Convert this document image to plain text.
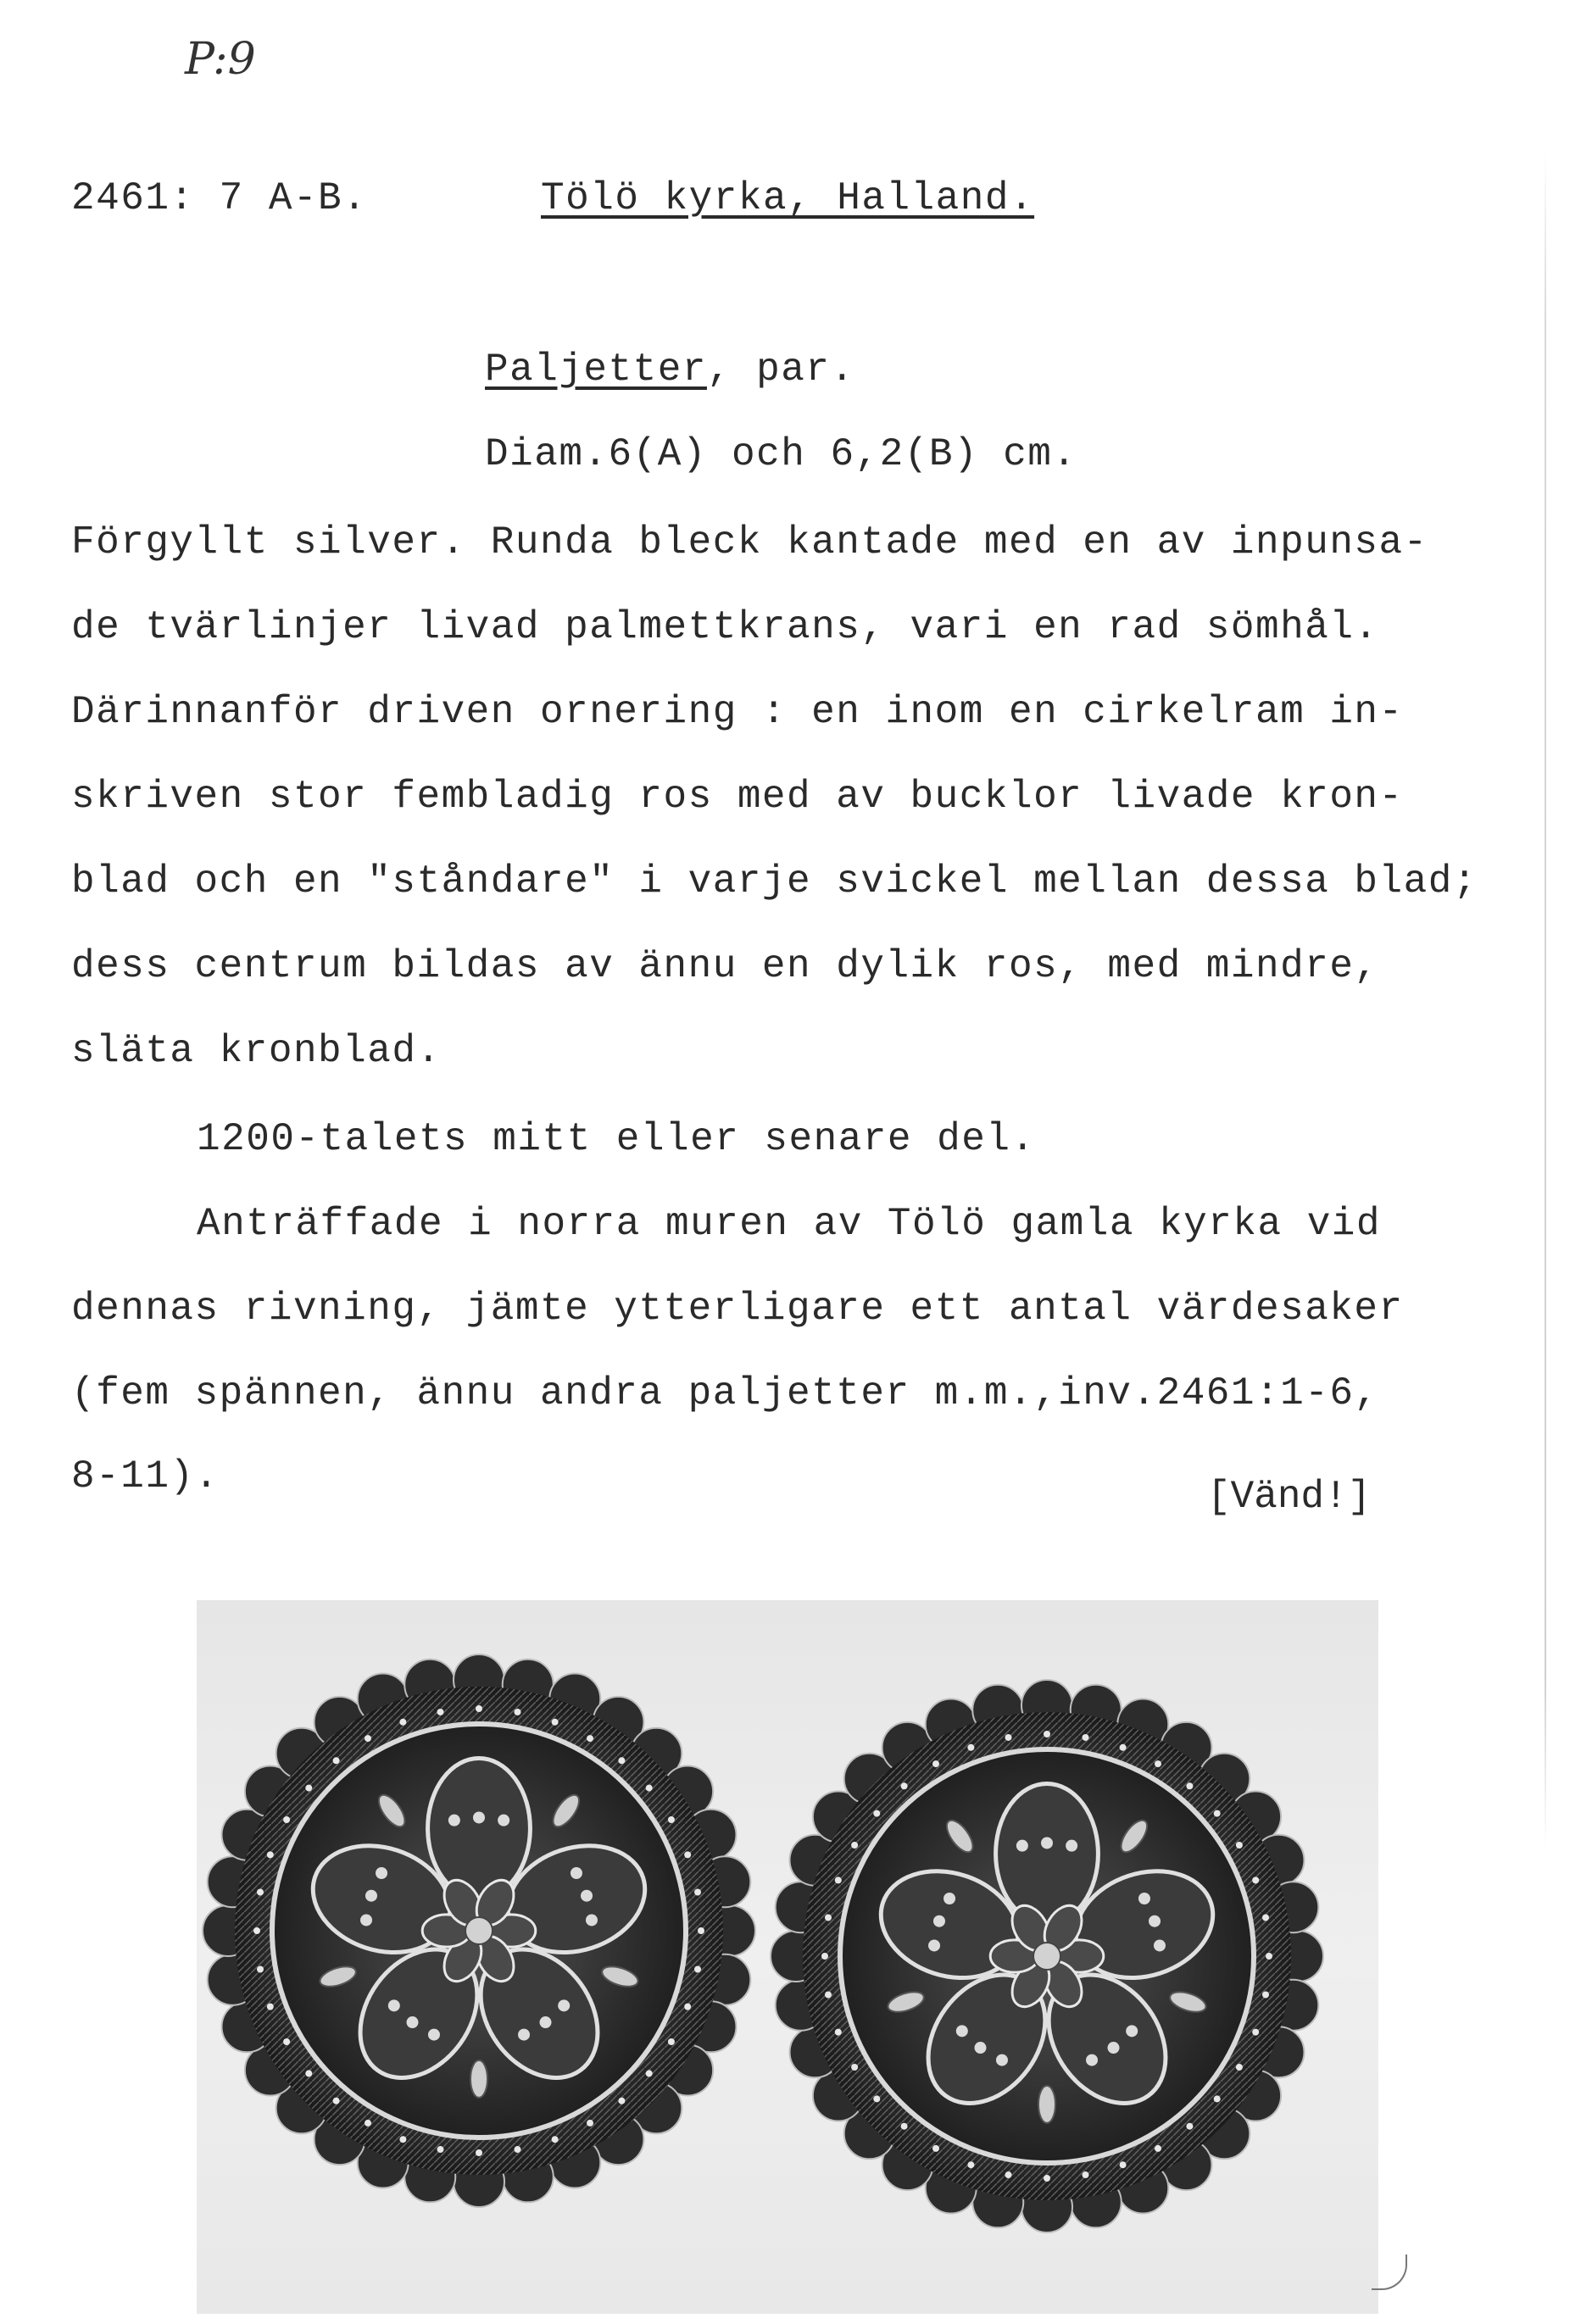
P:9
2461: 7 A-B.	Tölö kyrka, Halland.
Paljetter, par.
Diam.6(A) och 6,2(B) cm.
Förgyllt silver. Runda bleck kantade med en av inpunsa-
de tvärlinjer livad palmettkrans, vari en rad sömhål.
Därinnanför driven ornering : en inom en cirkelram in-
skriven stor fembladig ros med av bucklor livade kron-
blad och en "ståndare" i varje svickel mellan dessa blad;
dess centrum bildas av ännu en dylik ros, med mindre,
släta kronblad.
1200-talets mitt eller senare del.
Anträffade i norra muren av Tölö gamla kyrka vid
dennas rivning, jämte ytterligare ett antal värdesaker
(fem spännen, ännu andra paljetter m.m.,inv.2461:1-6,
8-11).	[Vänd!]
